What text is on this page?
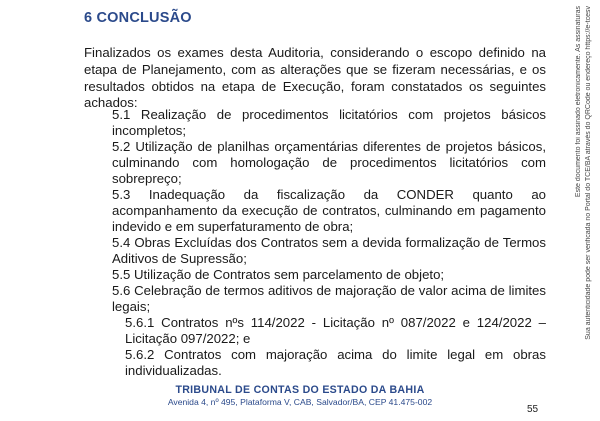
6 CONCLUSÃO

Finalizados os exames desta Auditoria, considerando o escopo definido na etapa de Planejamento, com as alterações que se fizeram necessárias, e os resultados obtidos na etapa de Execução, foram constatados os seguintes achados:

5.1 Realização de procedimentos licitatórios com projetos básicos incompletos;
5.2 Utilização de planilhas orçamentárias diferentes de projetos básicos, culminando com homologação de procedimentos licitatórios com sobrepreço;
5.3 Inadequação da fiscalização da CONDER quanto ao acompanhamento da execução de contratos, culminando em pagamento indevido e em superfaturamento de obra;
5.4 Obras Excluídas dos Contratos sem a devida formalização de Termos Aditivos de Supressão;
5.5 Utilização de Contratos sem parcelamento de objeto;
5.6 Celebração de termos aditivos de majoração de valor acima de limites legais;
5.6.1 Contratos nºs 114/2022 - Licitação nº 087/2022 e 124/2022 – Licitação 097/2022; e
5.6.2 Contratos com majoração acima do limite legal em obras individualizadas.
TRIBUNAL DE CONTAS DO ESTADO DA BAHIA
Avenida 4, nº 495, Plataforma V, CAB, Salvador/BA, CEP 41.475-002
55
Este documento foi assinado eletronicamente. As assinaturas Sua autenticidade pode ser verificada no Portal do TCE/BA através do QRCode ou endereço https://e-tcesv
